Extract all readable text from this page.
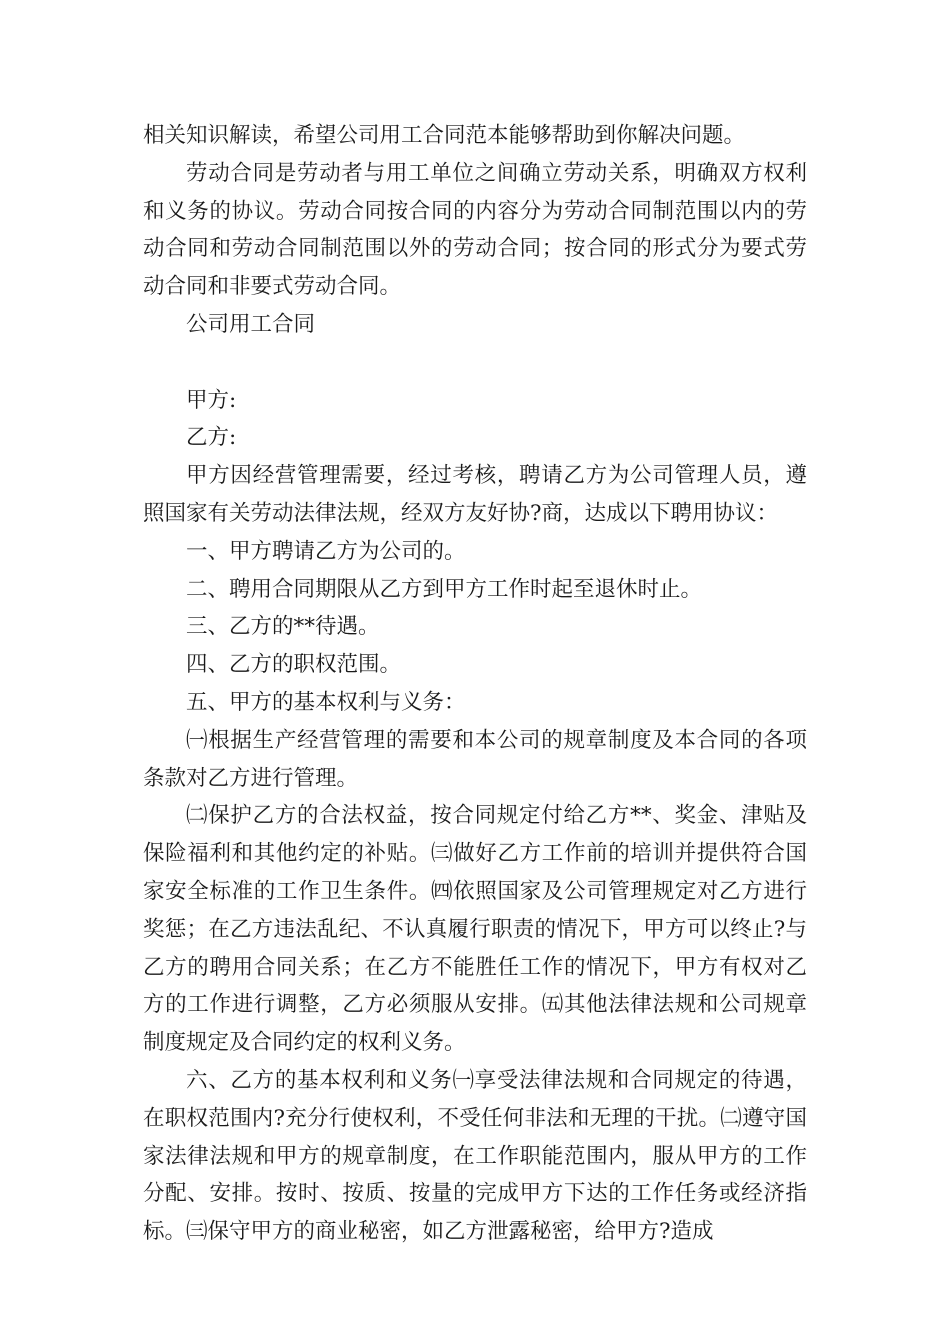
相关知识解读，希望公司用工合同范本能够帮助到你解决问题。

劳动合同是劳动者与用工单位之间确立劳动关系，明确双方权利和义务的协议。劳动合同按合同的内容分为劳动合同制范围以内的劳动合同和劳动合同制范围以外的劳动合同；按合同的形式分为要式劳动合同和非要式劳动合同。

公司用工合同

甲方:

乙方:

甲方因经营管理需要，经过考核，聘请乙方为公司管理人员，遵照国家有关劳动法律法规，经双方友好协?商，达成以下聘用协议：

一、甲方聘请乙方为公司的。

二、聘用合同期限从乙方到甲方工作时起至退休时止。

三、乙方的**待遇。

四、乙方的职权范围。

五、甲方的基本权利与义务：

㈠根据生产经营管理的需要和本公司的规章制度及本合同的各项条款对乙方进行管理。

㈡保护乙方的合法权益，按合同规定付给乙方**、奖金、津贴及保险福利和其他约定的补贴。㈢做好乙方工作前的培训并提供符合国家安全标准的工作卫生条件。㈣依照国家及公司管理规定对乙方进行奖惩；在乙方违法乱纪、不认真履行职责的情况下，甲方可以终止?与乙方的聘用合同关系；在乙方不能胜任工作的情况下，甲方有权对乙方的工作进行调整，乙方必须服从安排。㈤其他法律法规和公司规章制度规定及合同约定的权利义务。

六、乙方的基本权利和义务㈠享受法律法规和合同规定的待遇，在职权范围内?充分行使权利，不受任何非法和无理的干扰。㈡遵守国家法律法规和甲方的规章制度，在工作职能范围内，服从甲方的工作分配、安排。按时、按质、按量的完成甲方下达的工作任务或经济指标。㈢保守甲方的商业秘密，如乙方泄露秘密，给甲方?造成
